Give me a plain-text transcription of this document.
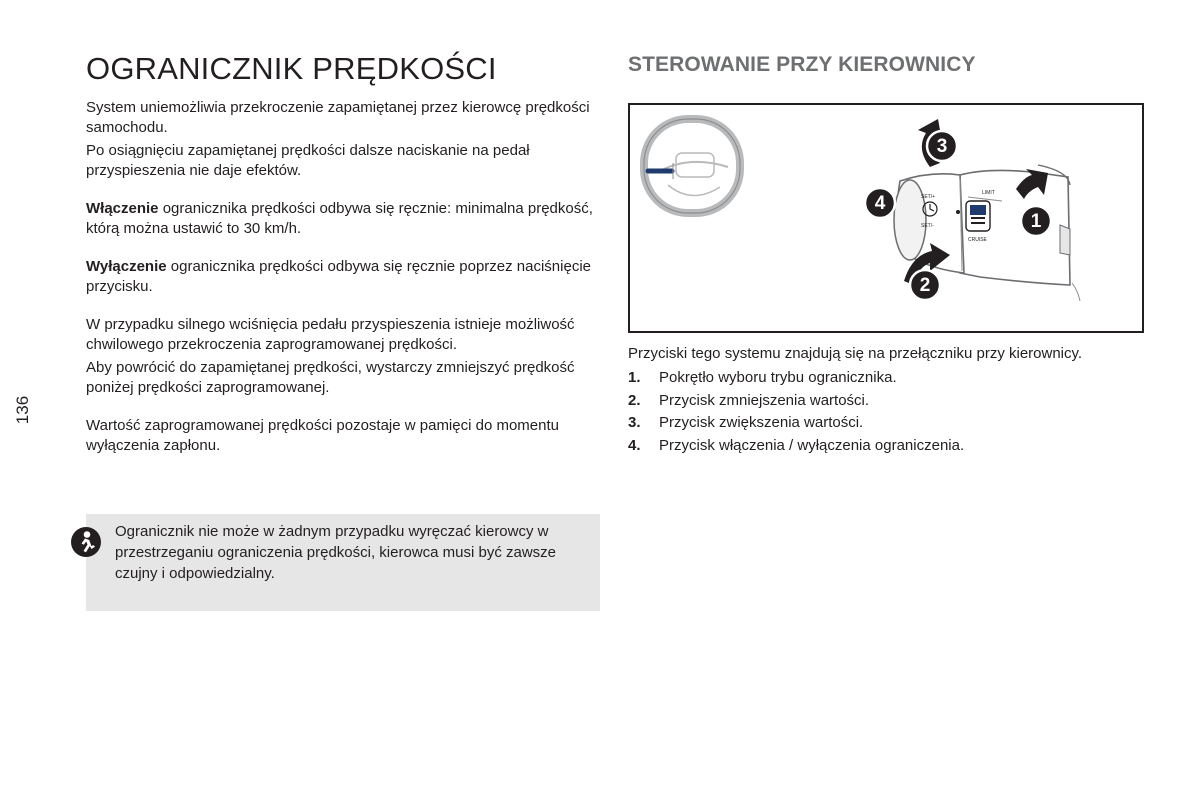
136
OGRANICZNIK PRĘDKOŚCI

System uniemożliwia przekroczenie zapamiętanej przez kierowcę prędkości samochodu.

Po osiągnięciu zapamiętanej prędkości dalsze naciskanie na pedał przyspieszenia nie daje efektów.

Włączenie ogranicznika prędkości odbywa się ręcznie: minimalna prędkość, którą można ustawić to 30 km/h.

Wyłączenie ogranicznika prędkości odbywa się ręcznie poprzez naciśnięcie przycisku.

W przypadku silnego wciśnięcia pedału przyspieszenia istnieje możliwość chwilowego przekroczenia zaprogramowanej prędkości.

Aby powrócić do zapamiętanej prędkości, wystarczy zmniejszyć prędkość poniżej prędkości zaprogramowanej.

Wartość zaprogramowanej prędkości pozostaje w pamięci do momentu wyłączenia zapłonu.

Ogranicznik nie może w żadnym przypadku wyręczać kierowcy w przestrzeganiu ograniczenia prędkości, kierowca musi być zawsze czujny i odpowiedzialny.

STEROWANIE PRZY KIEROWNICY
1
2
3
4	SET/+
SET/-
LIMIT
CRUISE

Przyciski tego systemu znajdują się na przełączniku przy kierownicy.

1.	Pokrętło wyboru trybu ogranicznika.
2.	Przycisk zmniejszenia wartości.
3.	Przycisk zwiększenia wartości.
4.	Przycisk włączenia / wyłączenia ograniczenia.
